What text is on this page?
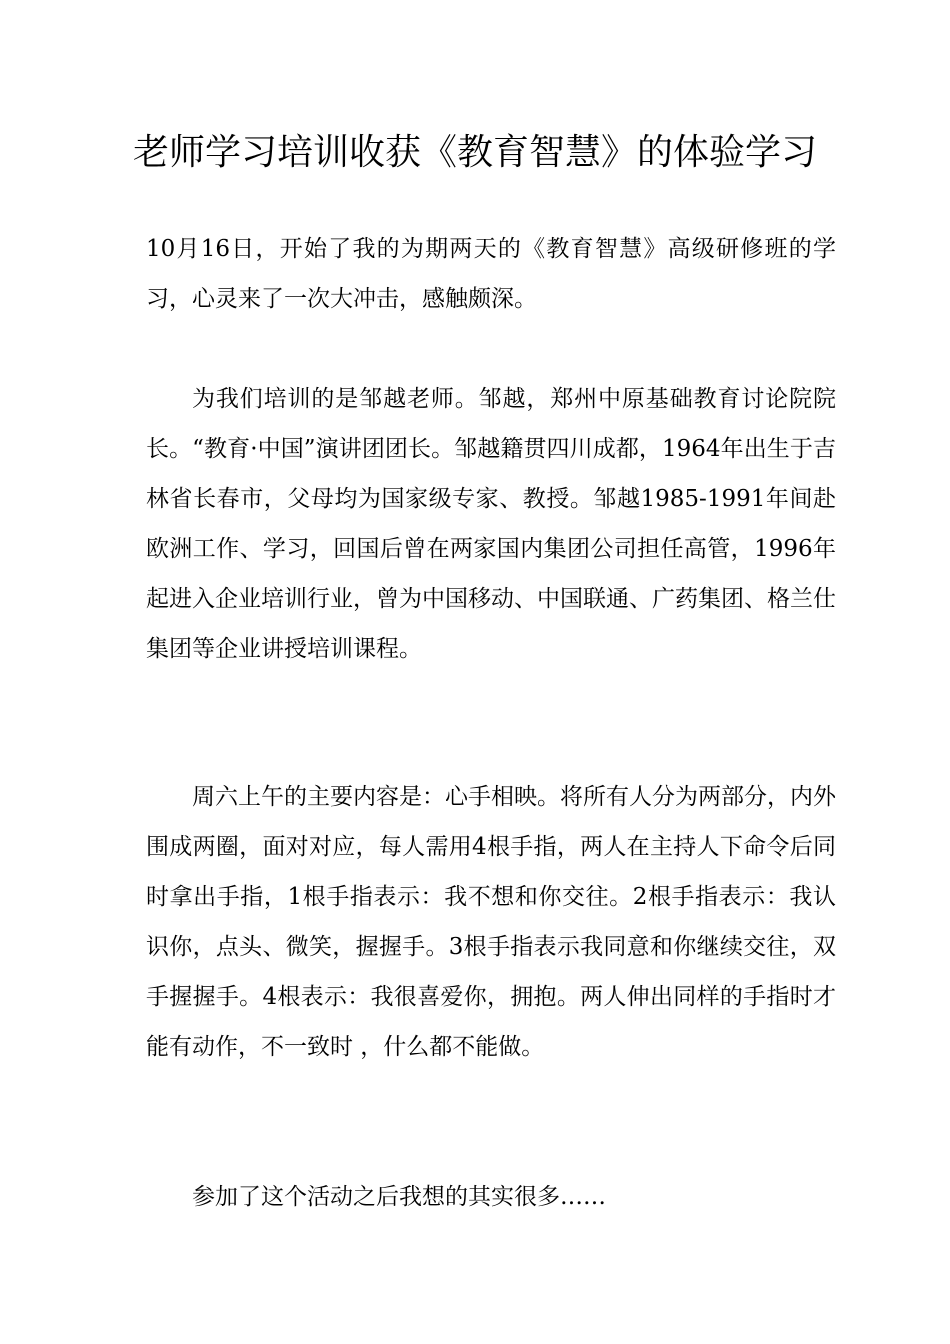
老师学习培训收获《教育智慧》的体验学习

10月16日，开始了我的为期两天的《教育智慧》高级研修班的学习，心灵来了一次大冲击，感触颇深。

为我们培训的是邹越老师。邹越，郑州中原基础教育讨论院院长。“教育·中国”演讲团团长。邹越籍贯四川成都，1964年出生于吉林省长春市，父母均为国家级专家、教授。邹越1985-1991年间赴欧洲工作、学习，回国后曾在两家国内集团公司担任高管，1996年起进入企业培训行业，曾为中国移动、中国联通、广药集团、格兰仕集团等企业讲授培训课程。

周六上午的主要内容是：心手相映。将所有人分为两部分，内外围成两圈，面对对应，每人需用4根手指，两人在主持人下命令后同时拿出手指，1根手指表示：我不想和你交往。2根手指表示：我认识你，点头、微笑，握握手。3根手指表示我同意和你继续交往，双手握握手。4根表示：我很喜爱你，拥抱。两人伸出同样的手指时才能有动作，不一致时 ，什么都不能做。

参加了这个活动之后我想的其实很多……
